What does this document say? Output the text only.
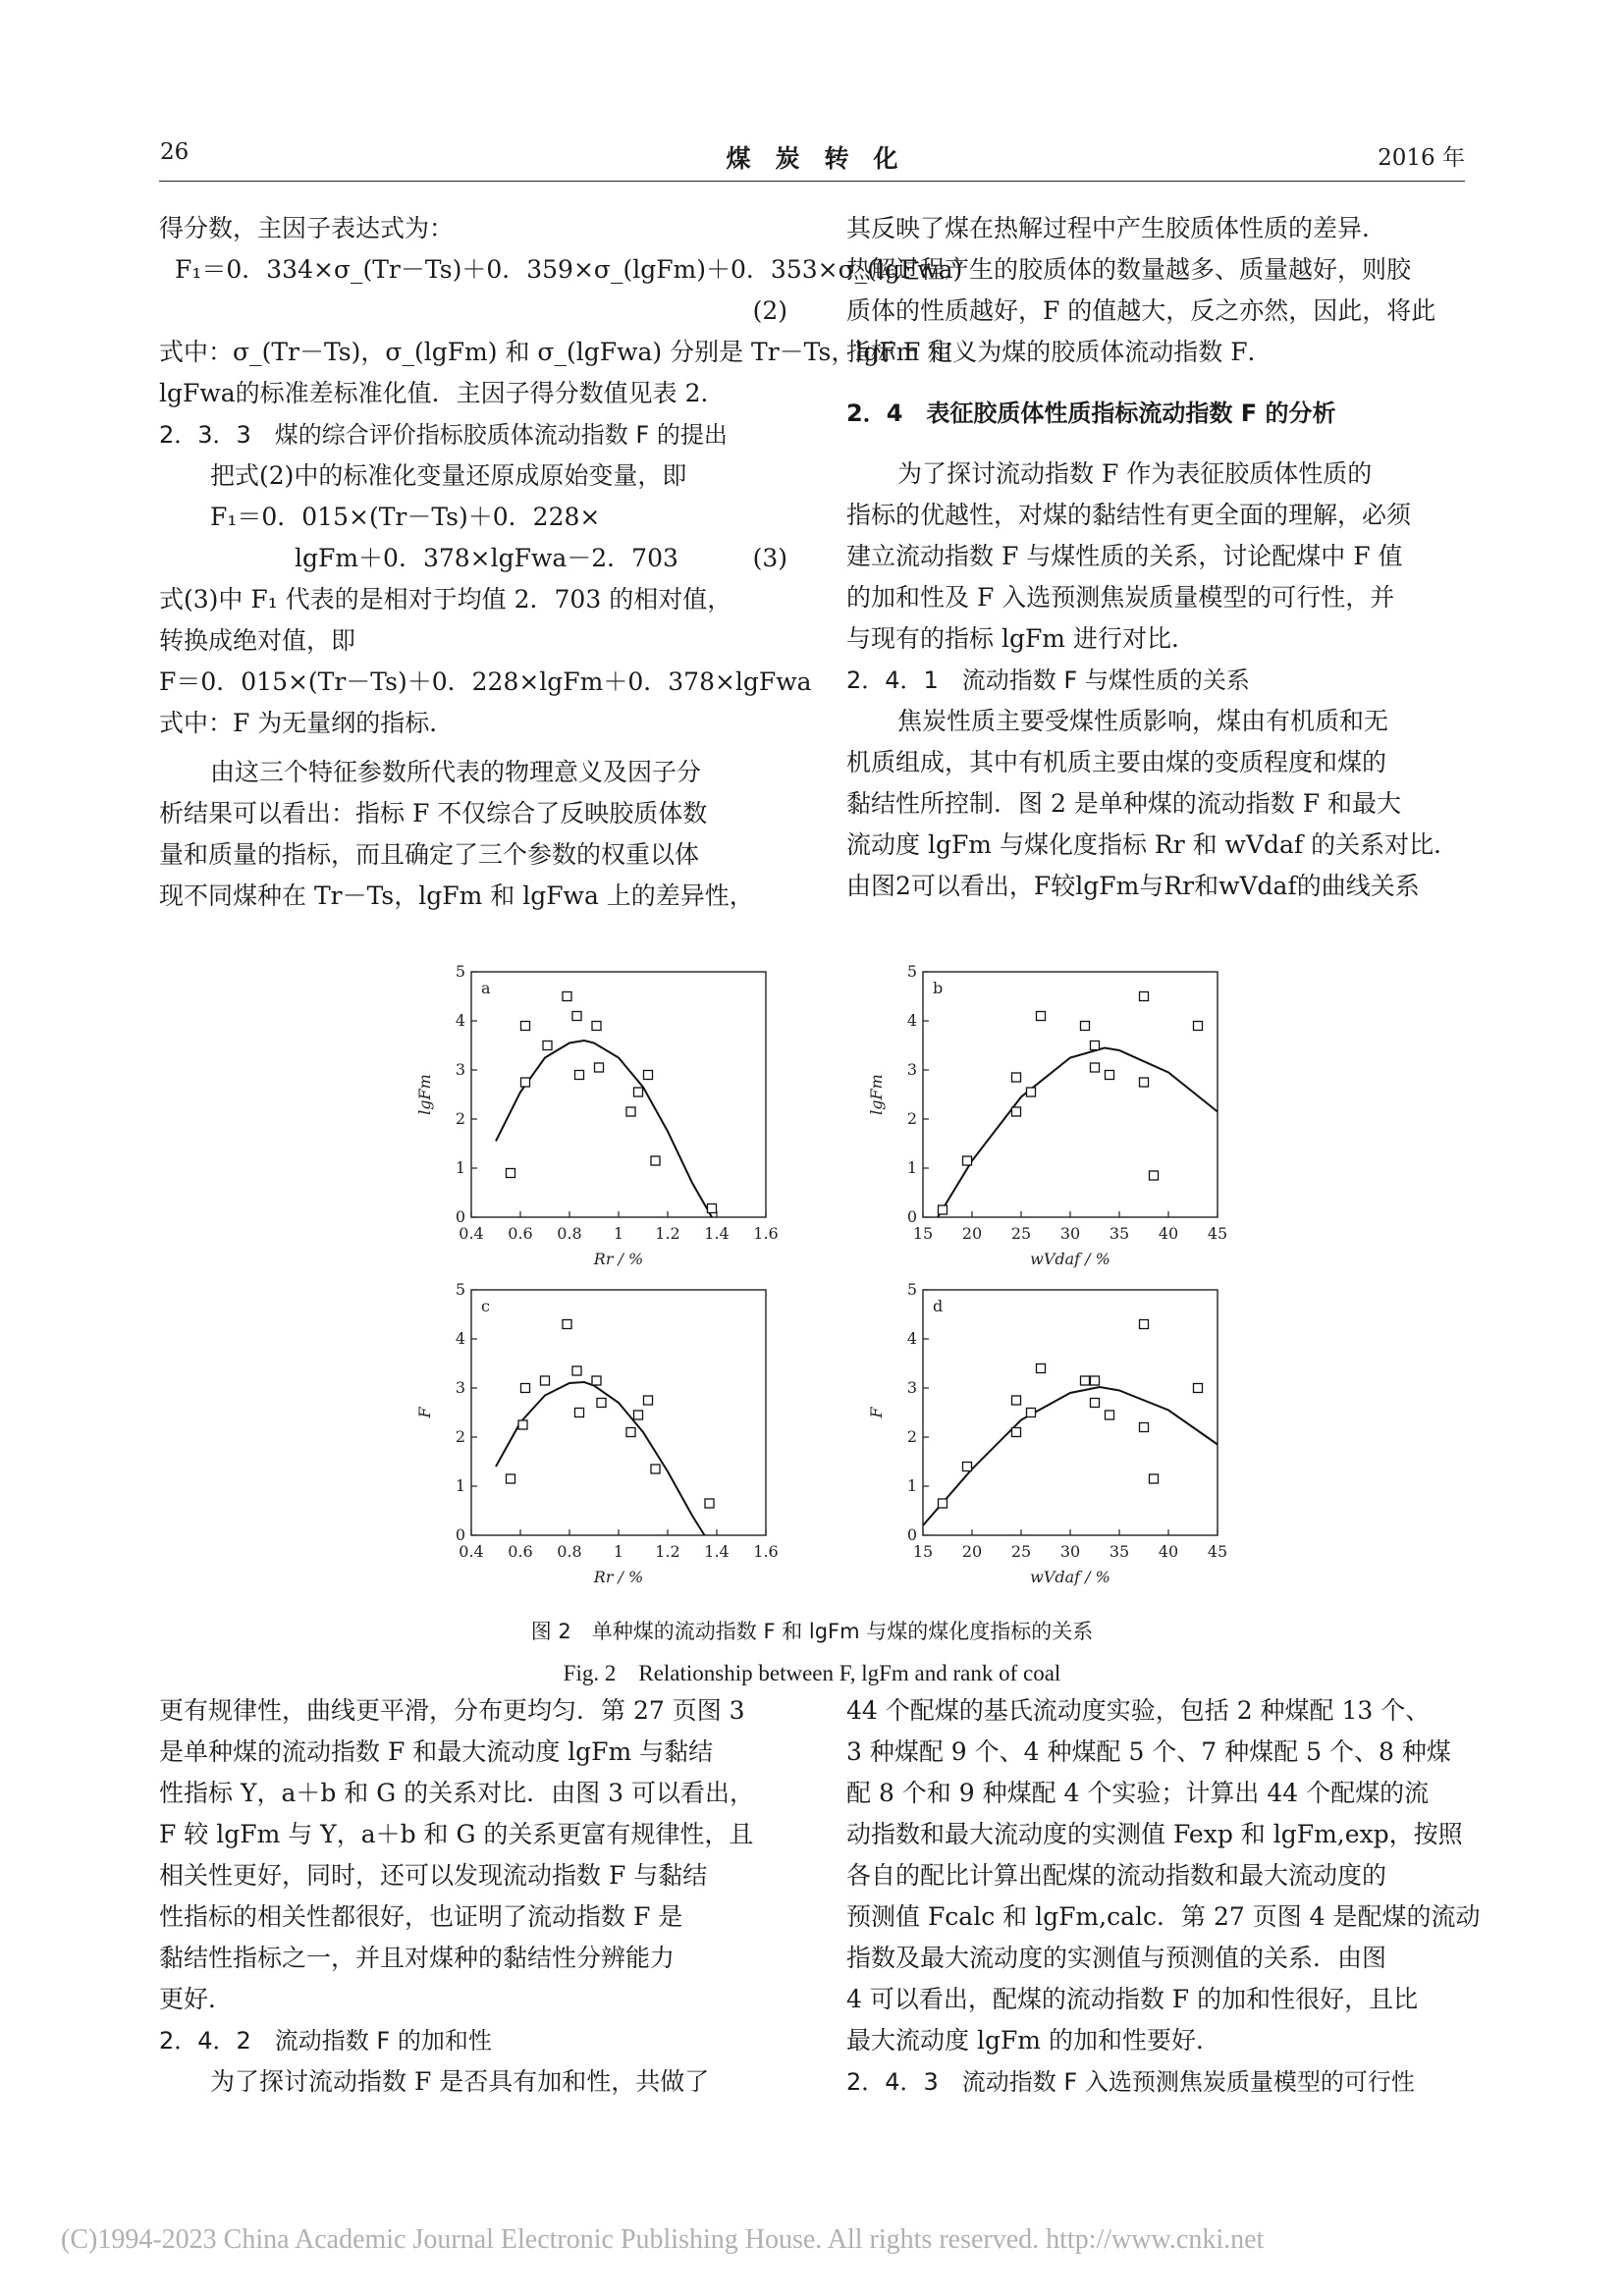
26	煤　炭　转　化	2016 年

得分数，主因子表达式为：

F₁＝0．334×σ_(Tr－Ts)＋0．359×σ_(lgFm)＋0．353×σ_(lgFwa)

(2)

式中：σ_(Tr－Ts)，σ_(lgFm) 和 σ_(lgFwa) 分别是 Tr－Ts，lgFm 和

lgFwa的标准差标准化值．主因子得分数值见表 2．

2．3．3　煤的综合评价指标胶质体流动指数 F 的提出

把式(2)中的标准化变量还原成原始变量，即

F₁＝0．015×(Tr－Ts)＋0．228×

lgFm＋0．378×lgFwa－2．703	(3)

式(3)中 F₁ 代表的是相对于均值 2．703 的相对值，

转换成绝对值，即

F＝0．015×(Tr－Ts)＋0．228×lgFm＋0．378×lgFwa

式中：F 为无量纲的指标．

由这三个特征参数所代表的物理意义及因子分

析结果可以看出：指标 F 不仅综合了反映胶质体数

量和质量的指标，而且确定了三个参数的权重以体

现不同煤种在 Tr－Ts，lgFm 和 lgFwa 上的差异性，

其反映了煤在热解过程中产生胶质体性质的差异．

热解过程产生的胶质体的数量越多、质量越好，则胶

质体的性质越好，F 的值越大，反之亦然，因此，将此

指标 F 定义为煤的胶质体流动指数 F．

2．4　表征胶质体性质指标流动指数 F 的分析

为了探讨流动指数 F 作为表征胶质体性质的

指标的优越性，对煤的黏结性有更全面的理解，必须

建立流动指数 F 与煤性质的关系，讨论配煤中 F 值

的加和性及 F 入选预测焦炭质量模型的可行性，并

与现有的指标 lgFm 进行对比．

2．4．1　流动指数 F 与煤性质的关系

焦炭性质主要受煤性质影响，煤由有机质和无

机质组成，其中有机质主要由煤的变质程度和煤的

黏结性所控制．图 2 是单种煤的流动指数 F 和最大

流动度 lgFm 与煤化度指标 Rr 和 wVdaf 的关系对比．

由图2可以看出，F较lgFm与Rr和wVdaf的曲线关系

0.4 0.6 0.8 1 1.2 1.4 1.6
0
1
2
3
4
5
a
Rr / %
lgFm
15 20 25 30 35 40 45
0
1
2
3
4
5
b
wVdaf / %
lgFm
0.4 0.6 0.8 1 1.2 1.4 1.6
0
1
2
3
4
5
c
Rr / %
F
15 20 25 30 35 40 45
0
1
2
3
4
5
d
wVdaf / %
F
图 2　单种煤的流动指数 F 和 lgFm 与煤的煤化度指标的关系
Fig. 2　Relationship between F, lgFm and rank of coal

更有规律性，曲线更平滑，分布更均匀．第 27 页图 3

是单种煤的流动指数 F 和最大流动度 lgFm 与黏结

性指标 Y，a＋b 和 G 的关系对比．由图 3 可以看出，

F 较 lgFm 与 Y，a＋b 和 G 的关系更富有规律性，且

相关性更好，同时，还可以发现流动指数 F 与黏结

性指标的相关性都很好，也证明了流动指数 F 是

黏结性指标之一，并且对煤种的黏结性分辨能力

更好．

2．4．2　流动指数 F 的加和性

为了探讨流动指数 F 是否具有加和性，共做了

44 个配煤的基氏流动度实验，包括 2 种煤配 13 个、

3 种煤配 9 个、4 种煤配 5 个、7 种煤配 5 个、8 种煤

配 8 个和 9 种煤配 4 个实验；计算出 44 个配煤的流

动指数和最大流动度的实测值 Fexp 和 lgFm,exp，按照

各自的配比计算出配煤的流动指数和最大流动度的

预测值 Fcalc 和 lgFm,calc．第 27 页图 4 是配煤的流动

指数及最大流动度的实测值与预测值的关系．由图

4 可以看出，配煤的流动指数 F 的加和性很好，且比

最大流动度 lgFm 的加和性要好．

2．4．3　流动指数 F 入选预测焦炭质量模型的可行性

(C)1994-2023 China Academic Journal Electronic Publishing House. All rights reserved. http://www.cnki.net
